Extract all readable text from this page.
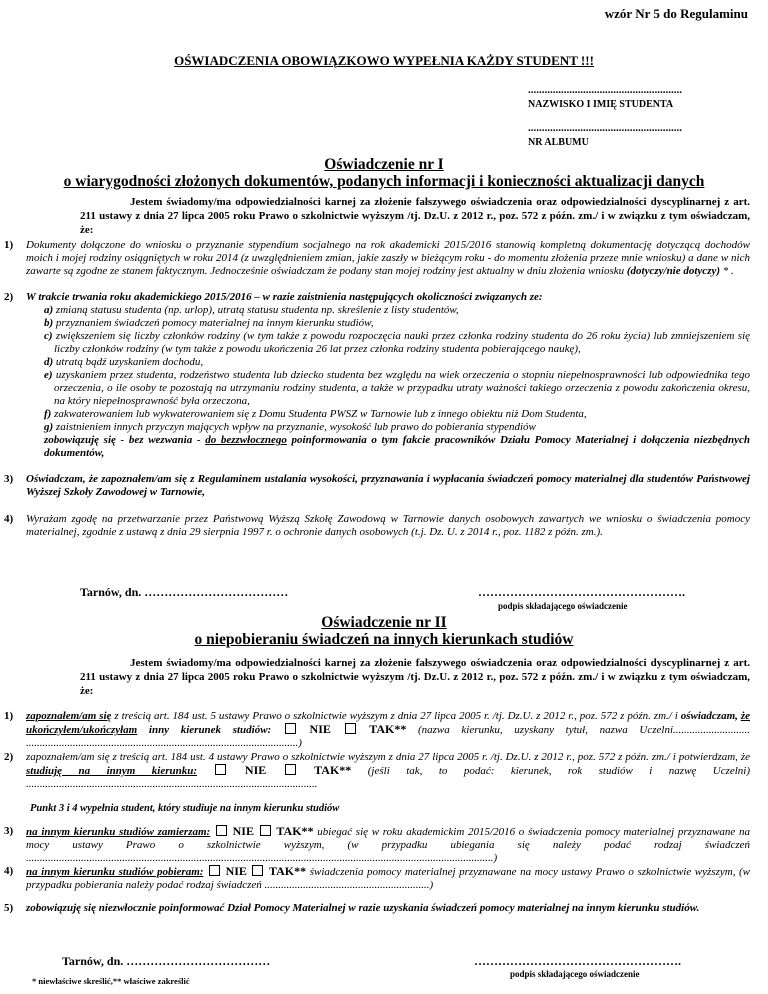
wzór Nr 5 do Regulaminu
OŚWIADCZENIA OBOWIĄZKOWO WYPEŁNIA KAŻDY STUDENT !!!
........................................................
NAZWISKO I IMIĘ STUDENTA
........................................................
NR ALBUMU
Oświadczenie nr I
o wiarygodności złożonych dokumentów, podanych informacji i konieczności aktualizacji danych
Jestem świadomy/ma odpowiedzialności karnej za złożenie fałszywego oświadczenia oraz odpowiedzialności dyscyplinarnej z art. 211 ustawy z dnia 27 lipca 2005 roku Prawo o szkolnictwie wyższym /tj. Dz.U. z 2012 r., poz. 572 z późn. zm./ i w związku z tym oświadczam, że:
1) Dokumenty dołączone do wniosku o przyznanie stypendium socjalnego na rok akademicki 2015/2016 stanowią kompletną dokumentację dotyczącą dochodów moich i mojej rodziny osiągniętych w roku 2014 (z uwzględnieniem zmian, jakie zaszły w bieżącym roku - do momentu złożenia przeze mnie wniosku) a dane w nich zawarte są zgodne ze stanem faktycznym. Jednocześnie oświadczam że podany stan mojej rodziny jest aktualny w dniu złożenia wniosku (dotyczy/nie dotyczy) * .
2) W trakcie trwania roku akademickiego 2015/2016 – w razie zaistnienia następujących okoliczności związanych ze:

a) zmianą statusu studenta (np. urlop), utratą statusu studenta np. skreślenie z listy studentów,

b) przyznaniem świadczeń pomocy materialnej na innym kierunku studiów,

c) zwiększeniem się liczby członków rodziny (w tym także z powodu rozpoczęcia nauki przez członka rodziny studenta do 26 roku życia) lub zmniejszeniem się liczby członków rodziny (w tym także z powodu ukończenia 26 lat przez członka rodziny studenta pobierającego naukę),

d) utratą bądź uzyskaniem dochodu,

e) uzyskaniem przez studenta, rodzeństwo studenta lub dziecko studenta bez względu na wiek orzeczenia o stopniu niepełnosprawności lub odpowiednika tego orzeczenia, o ile osoby te pozostają na utrzymaniu rodziny studenta, a także w przypadku utraty ważności takiego orzeczenia z powodu zakończenia okresu, na który niepełnosprawność była orzeczona,

f) zakwaterowaniem lub wykwaterowaniem się z Domu Studenta PWSZ w Tarnowie lub z innego obiektu niż Dom Studenta,

g) zaistnieniem innych przyczyn mających wpływ na przyznanie, wysokość lub prawo do pobierania stypendiów

zobowiązuję się - bez wezwania - do bezzwłocznego poinformowania o tym fakcie pracowników Działu Pomocy Materialnej i dołączenia niezbędnych dokumentów,
3) Oświadczam, że zapoznałem/am się z Regulaminem ustalania wysokości, przyznawania i wypłacania świadczeń pomocy materialnej dla studentów Państwowej Wyższej Szkoły Zawodowej w Tarnowie,
4) Wyrażam zgodę na przetwarzanie przez Państwową Wyższą Szkołę Zawodową w Tarnowie danych osobowych zawartych we wniosku o świadczenia pomocy materialnej, zgodnie z ustawą z dnia 29 sierpnia 1997 r. o ochronie danych osobowych (t.j. Dz. U. z 2014 r., poz. 1182 z późn. zm.).
Tarnów, dn. ………………………………	…………………………………………….
podpis składającego oświadczenie
Oświadczenie nr II
o niepobieraniu świadczeń na innych kierunkach studiów
Jestem świadomy/ma odpowiedzialności karnej za złożenie fałszywego oświadczenia oraz odpowiedzialności dyscyplinarnej z art. 211 ustawy z dnia 27 lipca 2005 roku Prawo o szkolnictwie wyższym /tj. Dz.U. z 2012 r., poz. 572 z późn. zm./ i w związku z tym oświadczam, że:
1) zapoznałem/am się z treścią art. 184 ust. 5 ustawy Prawo o szkolnictwie wyższym z dnia 27 lipca 2005 r. /tj. Dz.U. z 2012 r., poz. 572 z późn. zm./ i oświadczam, że ukończyłem/ukończyłam inny kierunek studiów:  NIE	TAK** (nazwa kierunku, uzyskany tytuł, nazwa Uczelni............................ ...................................................................................................)
2) zapoznałem/am się z treścią art. 184 ust. 4 ustawy Prawo o szkolnictwie wyższym z dnia 27 lipca 2005 r. /tj. Dz.U. z 2012 r., poz. 572 z późn. zm./ i potwierdzam, że studiuję na innym kierunku:	NIE	TAK** (jeśli tak, to podać: kierunek, rok studiów i nazwę Uczelni) ..........................................................................................................
Punkt 3 i 4 wypełnia student, który studiuje na innym kierunku studiów
3) na innym kierunku studiów zamierzam: NIE TAK** ubiegać się w roku akademickim 2015/2016 o świadczenia pomocy materialnej przyznawane na mocy ustawy Prawo o szkolnictwie wyższym, (w przypadku ubiegania się należy podać rodzaj świadczeń ..........................................................................................................................................................................)
4) na innym kierunku studiów pobieram: NIE TAK** świadczenia pomocy materialnej przyznawane na mocy ustawy Prawo o szkolnictwie wyższym, (w przypadku pobierania należy podać rodzaj świadczeń ............................................................)
5) zobowiązuję się niezwłocznie poinformować Dział Pomocy Materialnej w razie uzyskania świadczeń pomocy materialnej na innym kierunku studiów.
Tarnów, dn. ………………………………	…………………………………………….
podpis składającego oświadczenie
* niewłaściwe skreślić,** właściwe zakreślić
